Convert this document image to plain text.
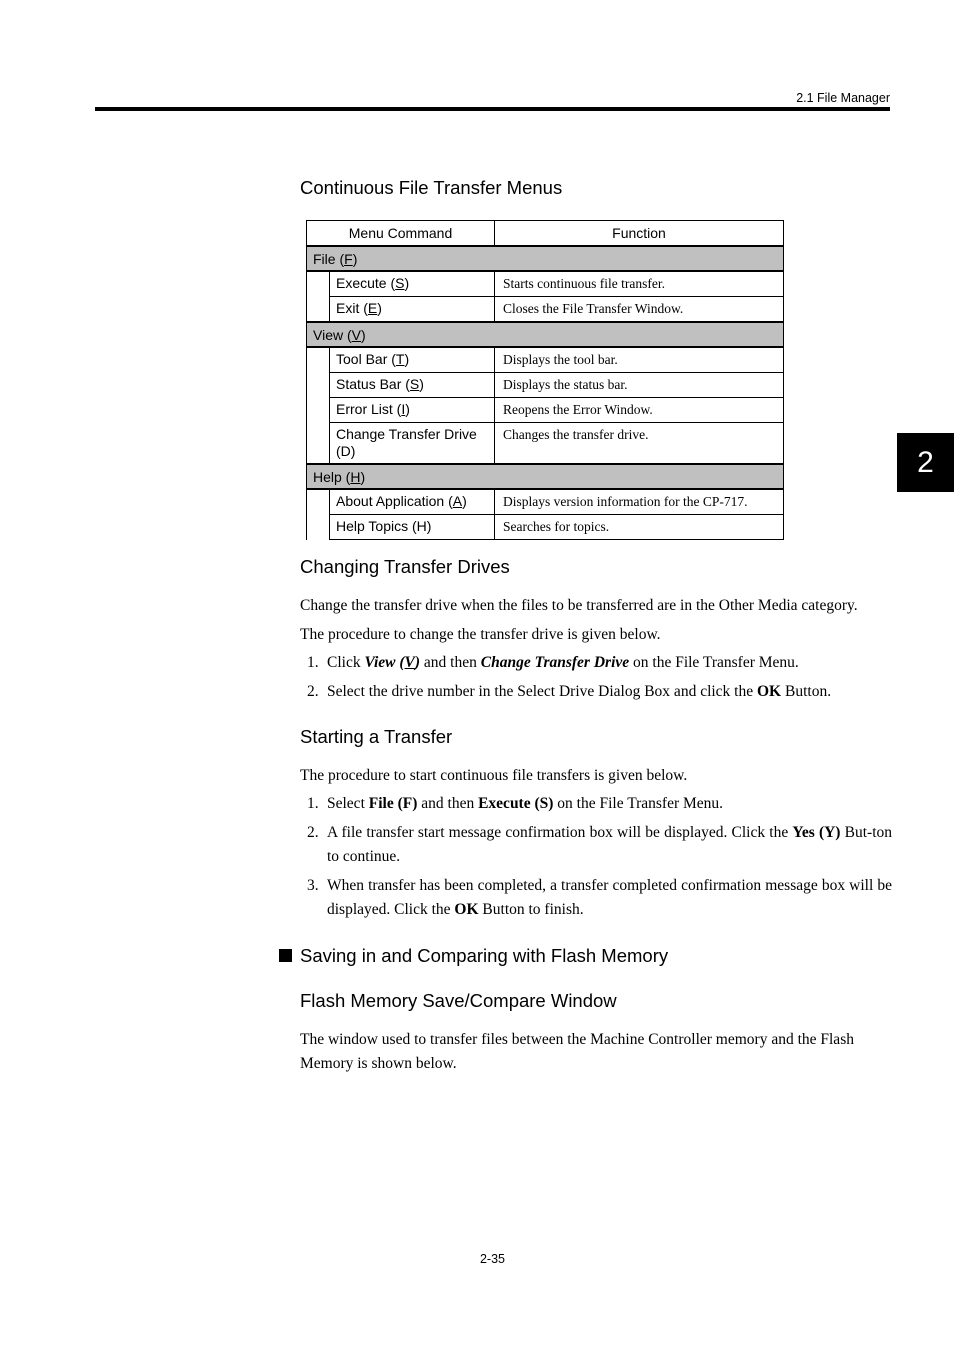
2.1 File Manager
2
Continuous File Transfer Menus
Menu Command		Function
File (F)		
	Execute (S)	Starts continuous file transfer.
	Exit (E)	Closes the File Transfer Window.
View (V)		
	Tool Bar (T)	Displays the tool bar.
	Status Bar (S)	Displays the status bar.
	Error List (I)	Reopens the Error Window.
	Change Transfer Drive (D)	Changes the transfer drive.
Help (H)		
	About Application (A)	Displays version information for the CP-717.
	Help Topics (H)	Searches for topics.
Changing Transfer Drives
Change the transfer drive when the files to be transferred are in the Other Media category.
The procedure to change the transfer drive is given below.
1. Click View (V) and then Change Transfer Drive on the File Transfer Menu.
2. Select the drive number in the Select Drive Dialog Box and click the OK Button.
Starting a Transfer
The procedure to start continuous file transfers is given below.
1. Select File (F) and then Execute (S) on the File Transfer Menu.
2. A file transfer start message confirmation box will be displayed. Click the Yes (Y) But-ton to continue.
3. When transfer has been completed, a transfer completed confirmation message box will be displayed. Click the OK Button to finish.
Saving in and Comparing with Flash Memory
Flash Memory Save/Compare Window
The window used to transfer files between the Machine Controller memory and the Flash Memory is shown below.
2-35
